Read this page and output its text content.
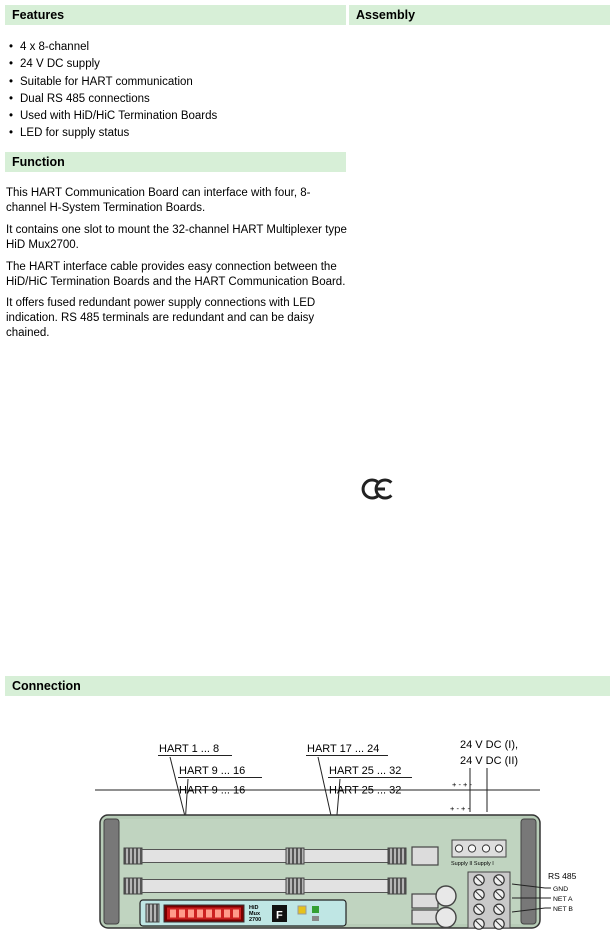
Features	Assembly
• 4 x 8-channel
• 24 V DC supply
• Suitable for HART communication
• Dual RS 485 connections
• Used with HiD/HiC Termination Boards
• LED for supply status
Function

This HART Communication Board can interface with four, 8-channel H-System Termination Boards.

It contains one slot to mount the 32-channel HART Multiplexer type HiD Mux2700.

The HART interface cable provides easy connection between the HiD/HiC Termination Boards and the HART Communication Board.

It offers fused redundant power supply connections with LED indication. RS 485 terminals are redundant and can be daisy chained.

Connection
HART 1 ... 8
HART 9 ... 16
HART 9 ... 16
HART 17 ... 24
HART 25 ... 32
HART 25 ... 32
24 V DC (I),
24 V DC (II)
+ - + -
+ - + -
HiD
Mux
2700 F
Supply II Supply I
RS 485
GND
NET A
NET B
